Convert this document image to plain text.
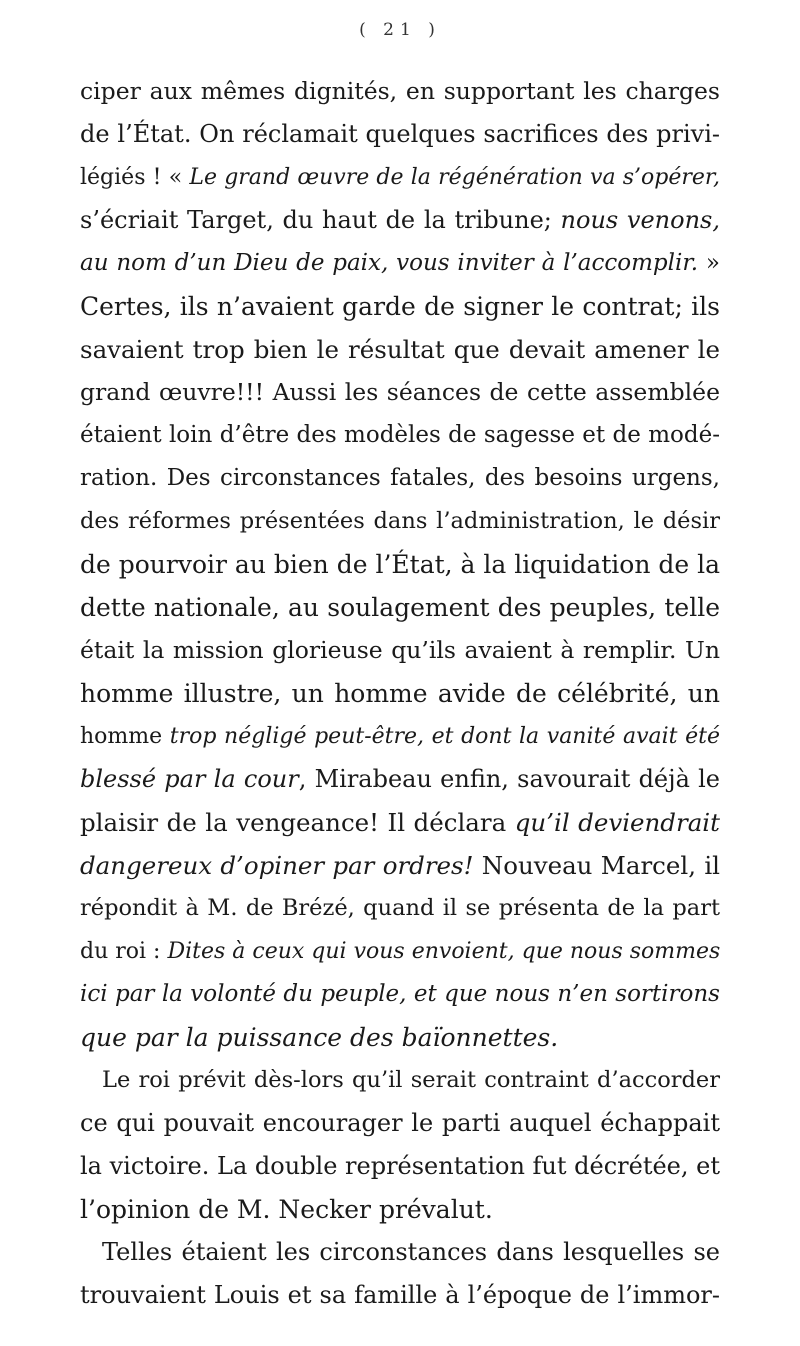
( 21 )
ciper aux mêmes dignités, en supportant les charges
de l’État. On réclamait quelques sacrifices des privi-
légiés ! « Le grand œuvre de la régénération va s’opérer,
s’écriait Target, du haut de la tribune; nous venons,
au nom d’un Dieu de paix, vous inviter à l’accomplir. »
Certes, ils n’avaient garde de signer le contrat; ils
savaient trop bien le résultat que devait amener le
grand œuvre!!! Aussi les séances de cette assemblée
étaient loin d’être des modèles de sagesse et de modé-
ration. Des circonstances fatales, des besoins urgens,
des réformes présentées dans l’administration, le désir
de pourvoir au bien de l’État, à la liquidation de la
dette nationale, au soulagement des peuples, telle
était la mission glorieuse qu’ils avaient à remplir. Un
homme illustre, un homme avide de célébrité, un
homme trop négligé peut-être, et dont la vanité avait été
blessé par la cour, Mirabeau enfin, savourait déjà le
plaisir de la vengeance! Il déclara qu’il deviendrait
dangereux d’opiner par ordres! Nouveau Marcel, il
répondit à M. de Brézé, quand il se présenta de la part
du roi : Dites à ceux qui vous envoient, que nous sommes
ici par la volonté du peuple, et que nous n’en sortirons
que par la puissance des baïonnettes.
Le roi prévit dès-lors qu’il serait contraint d’accorder
ce qui pouvait encourager le parti auquel échappait
la victoire. La double représentation fut décrétée, et
l’opinion de M. Necker prévalut.
Telles étaient les circonstances dans lesquelles se
trouvaient Louis et sa famille à l’époque de l’immor-
